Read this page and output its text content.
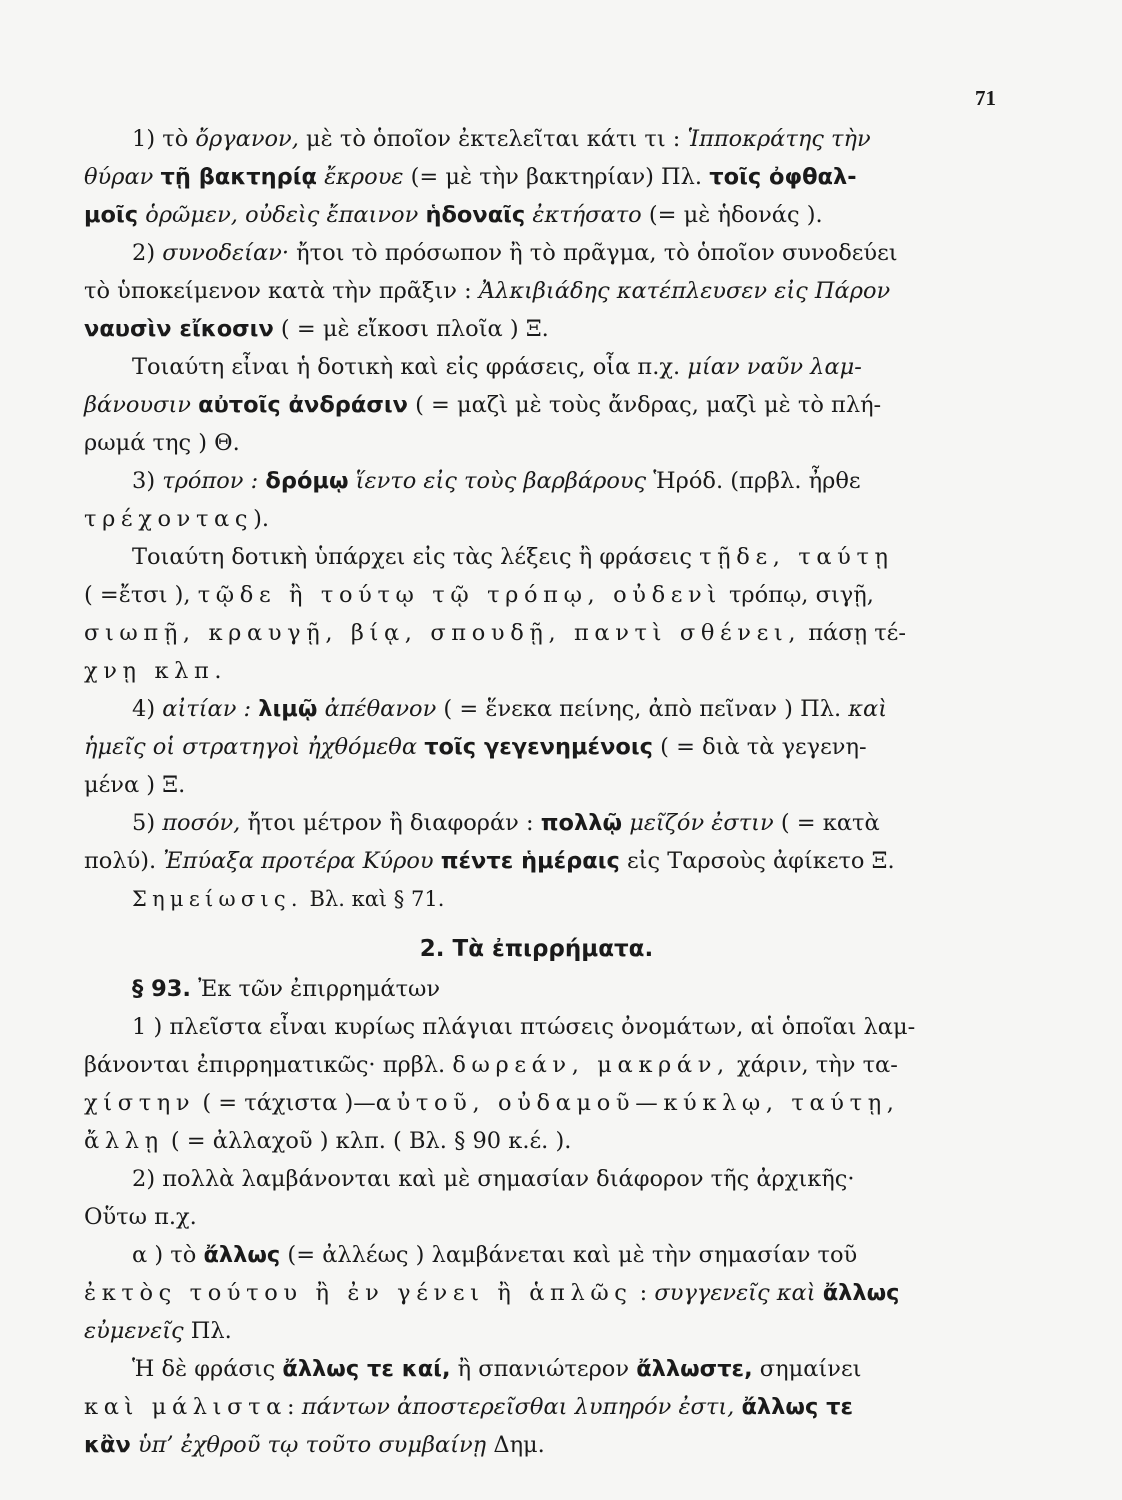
71
1) τὸ ὄργανον, μὲ τὸ ὁποῖον ἐκτελεῖται κάτι τι : Ἱπποκράτης τὴν
θύραν τῇ βακτηρίᾳ ἔκρουε (= μὲ τὴν βακτηρίαν) Πλ. τοῖς ὀφθαλ-
μοῖς ὁρῶμεν, οὐδεὶς ἔπαινον ἡδοναῖς ἐκτήσατο (= μὲ ἡδονάς ).
2) συνοδείαν· ἤτοι τὸ πρόσωπον ἢ τὸ πρᾶγμα, τὸ ὁποῖον συνοδεύει
τὸ ὑποκείμενον κατὰ τὴν πρᾶξιν : Ἀλκιβιάδης κατέπλευσεν εἰς Πάρον
ναυσὶν εἴκοσιν ( = μὲ εἴκοσι πλοῖα ) Ξ.
Τοιαύτη εἶναι ἡ δοτικὴ καὶ εἰς φράσεις, οἷα π.χ. μίαν ναῦν λαμ-
βάνουσιν αὐτοῖς ἀνδράσιν ( = μαζὶ μὲ τοὺς ἄνδρας, μαζὶ μὲ τὸ πλή-
ρωμά της ) Θ.
3) τρόπον : δρόμῳ ἵεντο εἰς τοὺς βαρβάρους Ἡρόδ. (πρβλ. ἦρθε
τρέχοντας).
Τοιαύτη δοτικὴ ὑπάρχει εἰς τὰς λέξεις ἢ φράσεις τῇδε, ταύτῃ
( =ἔτσι ), τῷδε ἢ τούτῳ τῷ τρόπῳ, οὐδενὶ τρόπῳ, σιγῇ,
σιωπῇ, κραυγῇ, βίᾳ, σπουδῇ, παντὶ σθένει, πάσῃ τέ-
χνῃ κλπ.
4) αἰτίαν : λιμῷ ἀπέθανον ( = ἕνεκα πείνης, ἀπὸ πεῖναν ) Πλ. καὶ
ἡμεῖς οἱ στρατηγοὶ ἠχθόμεθα τοῖς γεγενημένοις ( = διὰ τὰ γεγενη-
μένα ) Ξ.
5) ποσόν, ἤτοι μέτρον ἢ διαφοράν : πολλῷ μεῖζόν ἐστιν ( = κατὰ
πολύ). Ἐπύαξα προτέρα Κύρου πέντε ἡμέραις εἰς Ταρσοὺς ἀφίκετο Ξ.
Σημείωσις. Βλ. καὶ § 71.
2. Τὰ ἐπιρρήματα.
§ 93. Ἐκ τῶν ἐπιρρημάτων
1 ) πλεῖστα εἶναι κυρίως πλάγιαι πτώσεις ὀνομάτων, αἱ ὁποῖαι λαμ-
βάνονται ἐπιρρηματικῶς· πρβλ. δωρεάν, μακράν, χάριν, τὴν τα-
χίστην ( = τάχιστα )—αὐτοῦ, οὐδαμοῦ—κύκλῳ, ταύτῃ,
ἄλλῃ ( = ἀλλαχοῦ ) κλπ. ( Βλ. § 90 κ.έ. ).
2) πολλὰ λαμβάνονται καὶ μὲ σημασίαν διάφορον τῆς ἀρχικῆς·
Οὕτω π.χ.
α ) τὸ ἄλλως (= ἀλλέως ) λαμβάνεται καὶ μὲ τὴν σημασίαν τοῦ
ἐκτὸς τούτου ἢ ἐν γένει ἢ ἁπλῶς : συγγενεῖς καὶ ἄλλως
εὐμενεῖς Πλ.
Ἡ δὲ φράσις ἄλλως τε καί, ἢ σπανιώτερον ἄλλωστε, σημαίνει
καὶ μάλιστα: πάντων ἀποστερεῖσθαι λυπηρόν ἐστι, ἄλλως τε
κἂν ὑπ’ ἐχθροῦ τῳ τοῦτο συμβαίνῃ Δημ.
